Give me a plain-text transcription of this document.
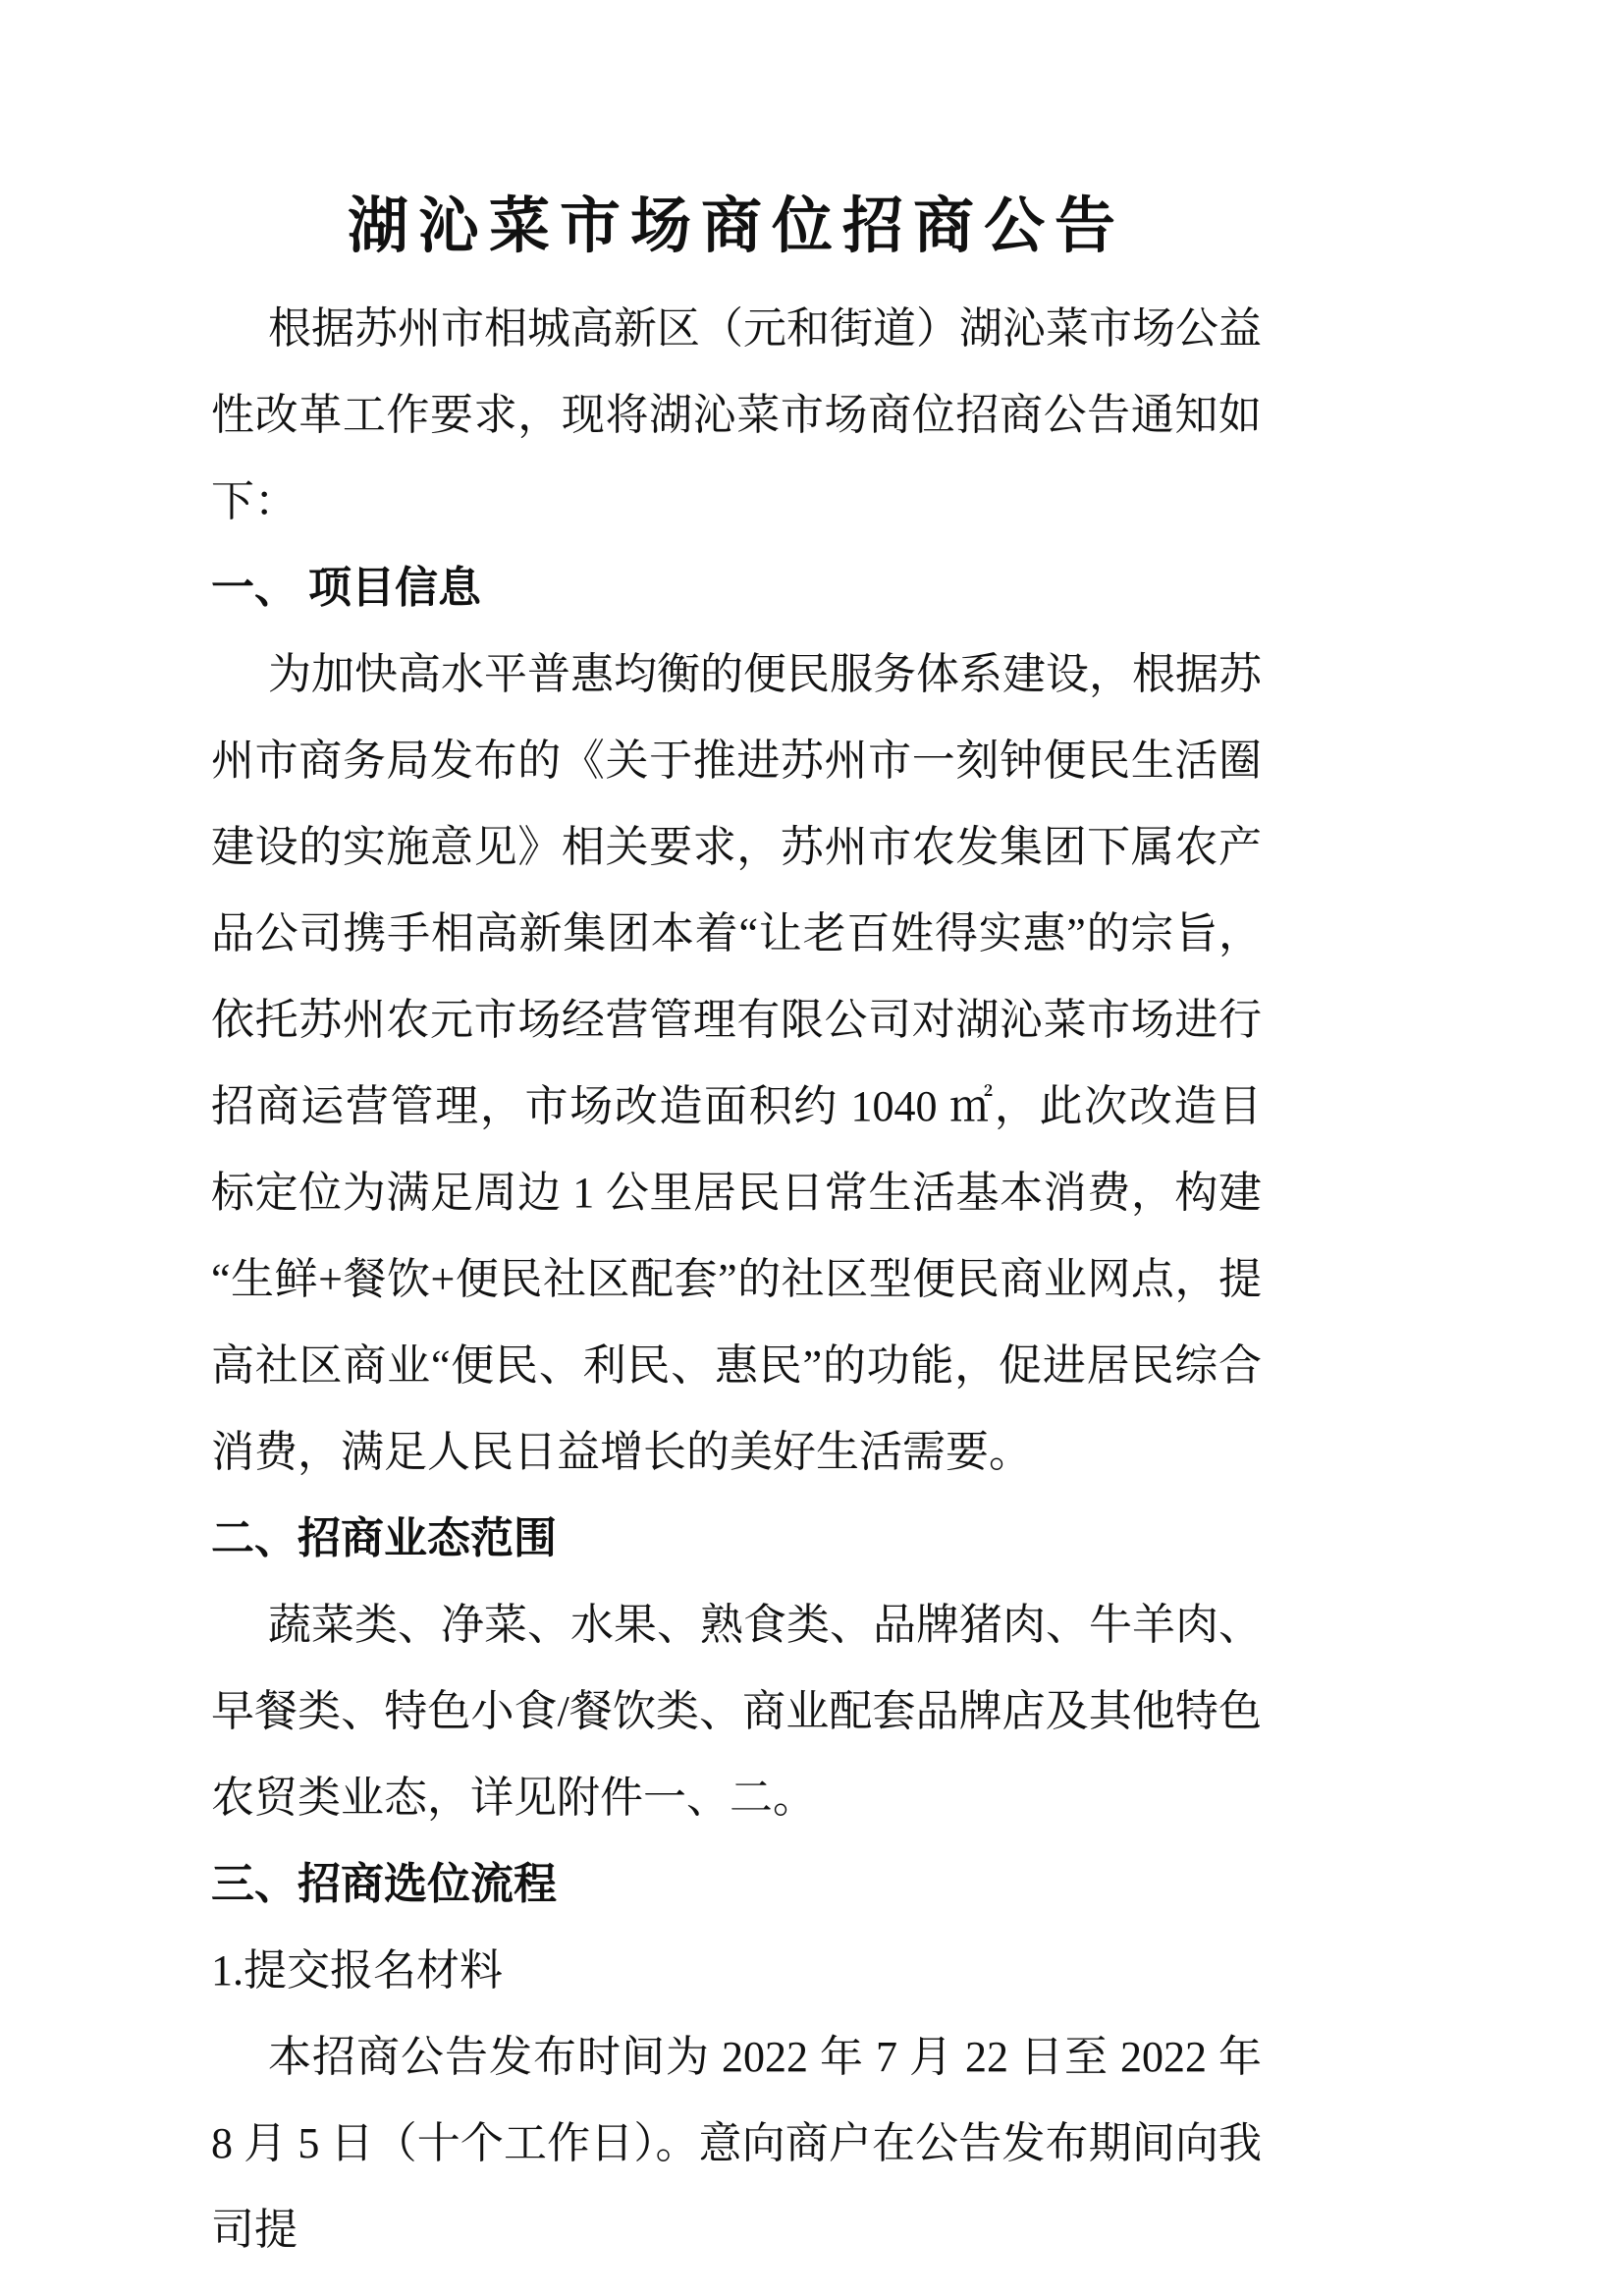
湖沁菜市场商位招商公告

根据苏州市相城高新区（元和街道）湖沁菜市场公益性改革工作要求，现将湖沁菜市场商位招商公告通知如下：

一、 项目信息

为加快高水平普惠均衡的便民服务体系建设，根据苏州市商务局发布的《关于推进苏州市一刻钟便民生活圈建设的实施意见》相关要求，苏州市农发集团下属农产品公司携手相高新集团本着“让老百姓得实惠”的宗旨，依托苏州农元市场经营管理有限公司对湖沁菜市场进行招商运营管理，市场改造面积约 1040 ㎡，此次改造目标定位为满足周边 1 公里居民日常生活基本消费，构建“生鲜+餐饮+便民社区配套”的社区型便民商业网点，提高社区商业“便民、利民、惠民”的功能，促进居民综合消费，满足人民日益增长的美好生活需要。

二、招商业态范围

蔬菜类、净菜、水果、熟食类、品牌猪肉、牛羊肉、早餐类、特色小食/餐饮类、商业配套品牌店及其他特色农贸类业态，详见附件一、二。

三、招商选位流程

1.提交报名材料

本招商公告发布时间为 2022 年 7 月 22 日至 2022 年 8 月 5 日（十个工作日）。意向商户在公告发布期间向我司提
